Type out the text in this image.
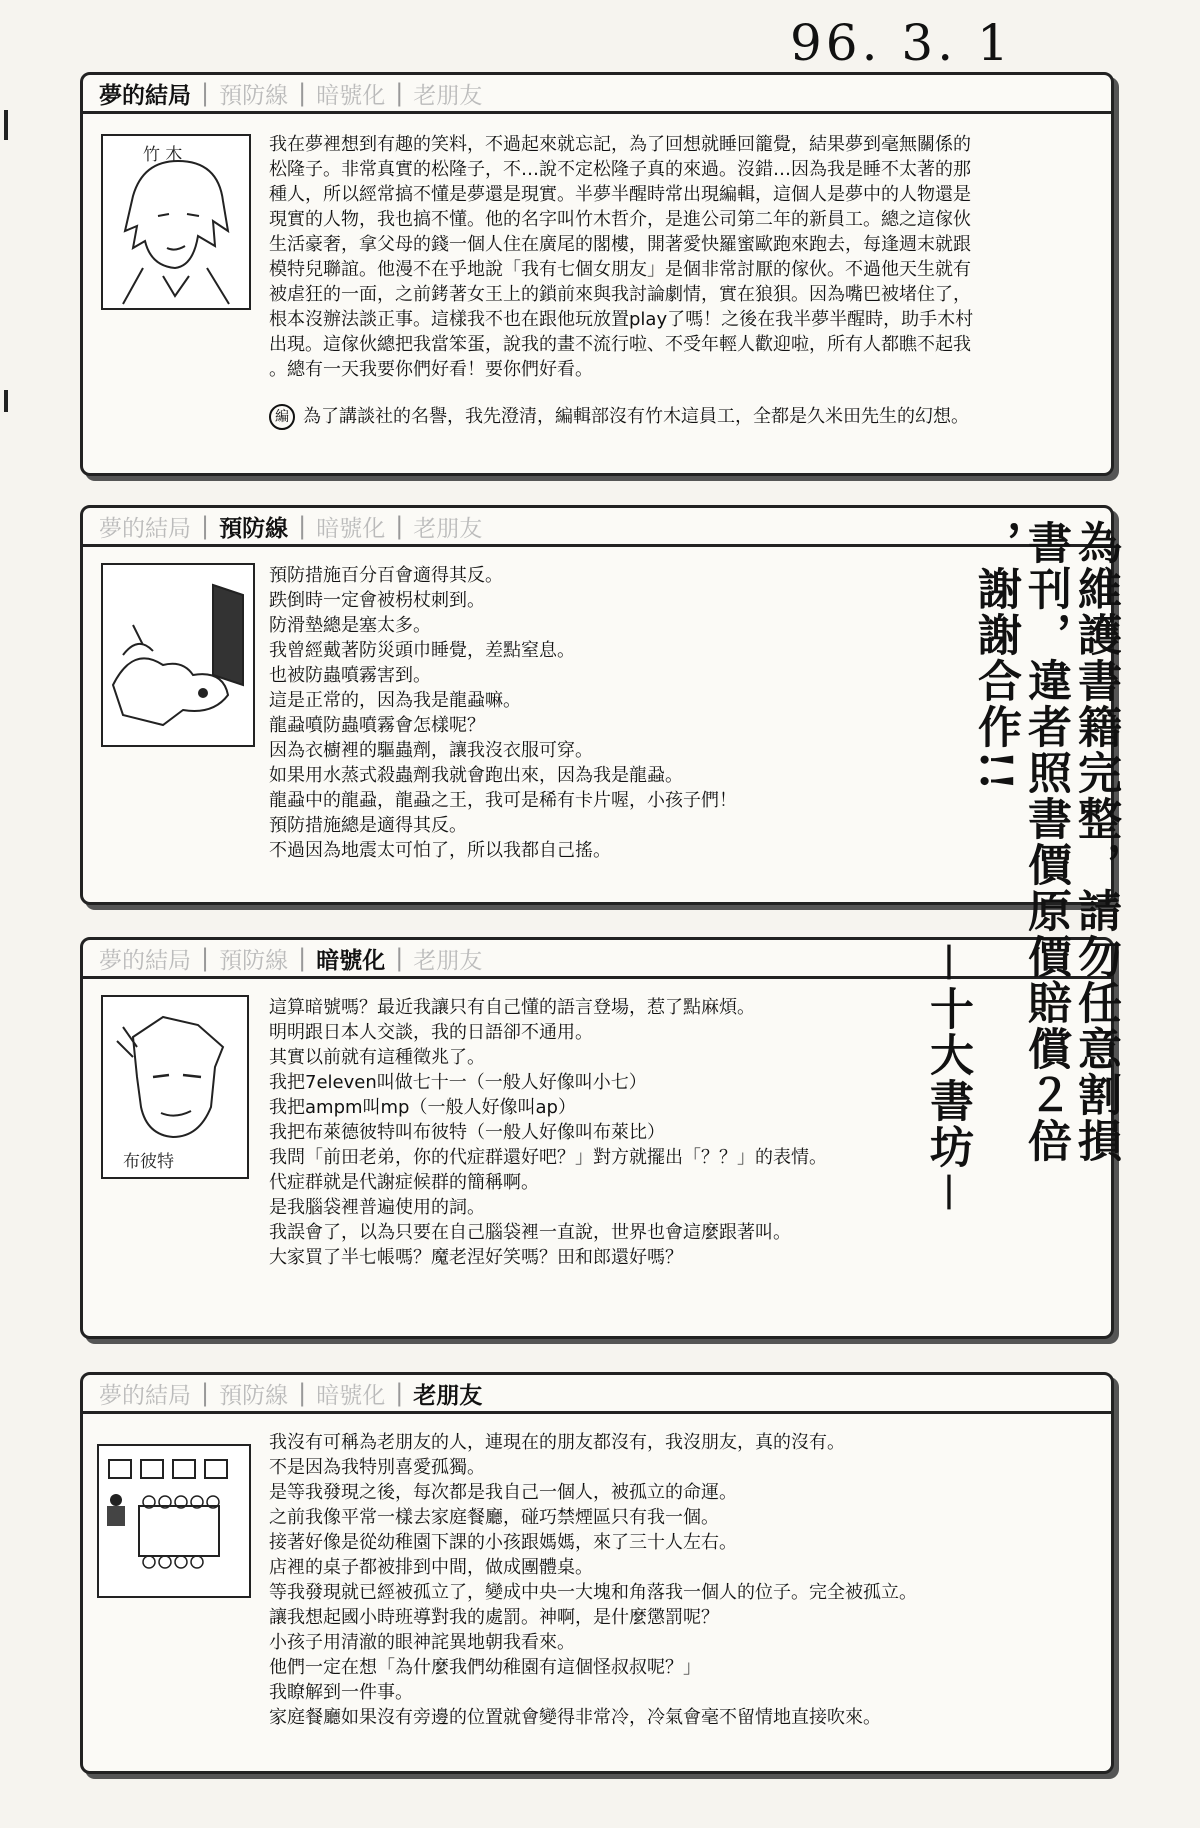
96. 3. 1
夢的結局 | 預防線 | 暗號化 | 老朋友
竹 木	我在夢裡想到有趣的笑料，不過起來就忘記，為了回想就睡回籠覺，結果夢到毫無關係的

松隆子。非常真實的松隆子，不…說不定松隆子真的來過。沒錯…因為我是睡不太著的那

種人，所以經常搞不懂是夢還是現實。半夢半醒時常出現編輯，這個人是夢中的人物還是

現實的人物，我也搞不懂。他的名字叫竹木哲介，是進公司第二年的新員工。總之這傢伙

生活豪奢，拿父母的錢一個人住在廣尾的閣樓，開著愛快羅蜜歐跑來跑去，每逢週末就跟

模特兒聯誼。他漫不在乎地說「我有七個女朋友」是個非常討厭的傢伙。不過他天生就有

被虐狂的一面，之前銬著女王上的鎖前來與我討論劇情，實在狼狽。因為嘴巴被堵住了，

根本沒辦法談正事。這樣我不也在跟他玩放置play了嗎！之後在我半夢半醒時，助手木村

出現。這傢伙總把我當笨蛋，說我的畫不流行啦、不受年輕人歡迎啦，所有人都瞧不起我

。總有一天我要你們好看！要你們好看。

編 為了講談社的名譽，我先澄清，編輯部沒有竹木這員工，全都是久米田先生的幻想。
夢的結局 | 預防線 | 暗號化 | 老朋友

預防措施百分百會適得其反。

跌倒時一定會被枴杖刺到。

防滑墊總是塞太多。

我曾經戴著防災頭巾睡覺，差點窒息。

也被防蟲噴霧害到。

這是正常的，因為我是龍蝨嘛。

龍蝨噴防蟲噴霧會怎樣呢？

因為衣櫥裡的驅蟲劑，讓我沒衣服可穿。

如果用水蒸式殺蟲劑我就會跑出來，因為我是龍蝨。

龍蝨中的龍蝨，龍蝨之王，我可是稀有卡片喔，小孩子們！

預防措施總是適得其反。

不過因為地震太可怕了，所以我都自己搖。

夢的結局 | 預防線 | 暗號化 | 老朋友
布彼特

這算暗號嗎？最近我讓只有自己懂的語言登場，惹了點麻煩。

明明跟日本人交談，我的日語卻不通用。

其實以前就有這種徵兆了。

我把7eleven叫做七十一（一般人好像叫小七）

我把ampm叫mp（一般人好像叫ap）

我把布萊德彼特叫布彼特（一般人好像叫布萊比）

我問「前田老弟，你的代症群還好吧？」對方就擺出「？？」的表情。

代症群就是代謝症候群的簡稱啊。

是我腦袋裡普遍使用的詞。

我誤會了，以為只要在自己腦袋裡一直說，世界也會這麼跟著叫。

大家買了半七帳嗎？魔老涅好笑嗎？田和郎還好嗎？

夢的結局 | 預防線 | 暗號化 | 老朋友

我沒有可稱為老朋友的人，連現在的朋友都沒有，我沒朋友，真的沒有。

不是因為我特別喜愛孤獨。

是等我發現之後，每次都是我自己一個人，被孤立的命運。

之前我像平常一樣去家庭餐廳，碰巧禁煙區只有我一個。

接著好像是從幼稚園下課的小孩跟媽媽，來了三十人左右。

店裡的桌子都被排到中間，做成團體桌。

等我發現就已經被孤立了，變成中央一大塊和角落我一個人的位子。完全被孤立。

讓我想起國小時班導對我的處罰。神啊，是什麼懲罰呢？

小孩子用清澈的眼神詫異地朝我看來。

他們一定在想「為什麼我們幼稚園有這個怪叔叔呢？」

我瞭解到一件事。

家庭餐廳如果沒有旁邊的位置就會變得非常冷，冷氣會毫不留情地直接吹來。

為維護書籍完整，請勿任意割損
書刊，違者照書價原價賠償２倍
，謝謝合作!!
－十大書坊－
